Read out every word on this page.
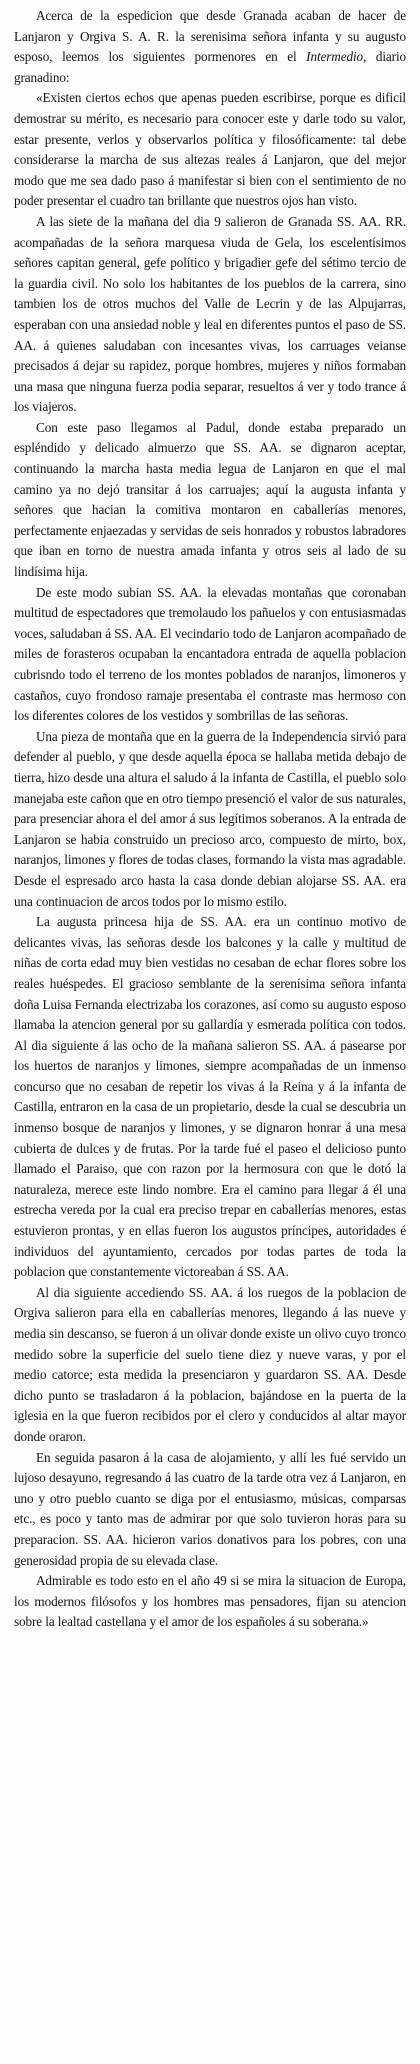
Acerca de la espedicion que desde Granada acaban de hacer de Lanjaron y Orgiva S. A. R. la serenisima señora infanta y su augusto esposo, leemos los siguientes pormenores en el Intermedio, diario granadino:

«Existen ciertos echos que apenas pueden escribirse, porque es dificil demostrar su mérito, es necesario para conocer este y darle todo su valor, estar presente, verlos y observarlos política y filosóficamente: tal debe considerarse la marcha de sus altezas reales á Lanjaron, que del mejor modo que me sea dado paso á manifestar si bien con el sentimiento de no poder presentar el cuadro tan brillante que nuestros ojos han visto.

A las siete de la mañana del dia 9 salieron de Granada SS. AA. RR. acompañadas de la señora marquesa viuda de Gela, los escelentísimos señores capitan general, gefe político y brigadier gefe del sétimo tercio de la guardia civil. No solo los habitantes de los pueblos de la carrera, sino tambien los de otros muchos del Valle de Lecrin y de las Alpujarras, esperaban con una ansiedad noble y leal en diferentes puntos el paso de SS. AA. á quienes saludaban con incesantes vivas, los carruages veianse precisados á dejar su rapidez, porque hombres, mujeres y niños formaban una masa que ninguna fuerza podia separar, resueltos á ver y todo trance á los viajeros.

Con este paso llegamos al Padul, donde estaba preparado un espléndido y delicado almuerzo que SS. AA. se dignaron aceptar, continuando la marcha hasta media legua de Lanjaron en que el mal camino ya no dejó transitar á los carruajes; aquí la augusta infanta y señores que hacian la comitiva montaron en caballerías menores, perfectamente enjaezadas y servidas de seis honrados y robustos labradores que iban en torno de nuestra amada infanta y otros seis al lado de su lindísima hija.

De este modo subian SS. AA. la elevadas montañas que coronaban multitud de espectadores que tremolaudo los pañuelos y con entusiasmadas voces, saludaban á SS. AA. El vecindario todo de Lanjaron acompañado de miles de forasteros ocupaban la encantadora entrada de aquella poblacion cubrisndo todo el terreno de los montes poblados de naranjos, limoneros y castaños, cuyo frondoso ramaje presentaba el contraste mas hermoso con los diferentes colores de los vestidos y sombrillas de las señoras.

Una pieza de montaña que en la guerra de la Independencia sirvió para defender al pueblo, y que desde aquella época se hallaba metida debajo de tierra, hizo desde una altura el saludo á la infanta de Castilla, el pueblo solo manejaba este cañon que en otro tiempo presenció el valor de sus naturales, para presenciar ahora el del amor á sus legítimos soberanos. A la entrada de Lanjaron se habia construido un precioso arco, compuesto de mirto, box, naranjos, limones y flores de todas clases, formando la vista mas agradable. Desde el espresado arco hasta la casa donde debian alojarse SS. AA. era una continuacion de arcos todos por lo mismo estilo.

La augusta princesa hija de SS. AA. era un continuo motivo de delicantes vivas, las señoras desde los balcones y la calle y multitud de niñas de corta edad muy bien vestidas no cesaban de echar flores sobre los reales huéspedes. El gracioso semblante de la serenísima señora infanta doña Luisa Fernanda electrizaba los corazones, así como su augusto esposo llamaba la atencion general por su gallardía y esmerada política con todos. Al dia siguiente á las ocho de la mañana salieron SS. AA. á pasearse por los huertos de naranjos y limones, siempre acompañadas de un inmenso concurso que no cesaban de repetir los vivas á la Reina y á la infanta de Castilla, entraron en la casa de un propietario, desde la cual se descubria un inmenso bosque de naranjos y limones, y se dignaron honrar á una mesa cubierta de dulces y de frutas. Por la tarde fué el paseo el delicioso punto llamado el Paraiso, que con razon por la hermosura con que le dotó la naturaleza, merece este lindo nombre. Era el camino para llegar á él una estrecha vereda por la cual era preciso trepar en caballerías menores, estas estuvieron prontas, y en ellas fueron los augustos príncipes, autoridades é individuos del ayuntamiento, cercados por todas partes de toda la poblacion que constantemente victoreaban á SS. AA.

Al dia siguiente accediendo SS. AA. á los ruegos de la poblacion de Orgiva salieron para ella en caballerías menores, llegando á las nueve y media sin descanso, se fueron á un olivar donde existe un olivo cuyo tronco medido sobre la superficie del suelo tiene diez y nueve varas, y por el medio catorce; esta medida la presenciaron y guardaron SS. AA. Desde dicho punto se trasladaron á la poblacion, bajándose en la puerta de la iglesia en la que fueron recibidos por el clero y conducidos al altar mayor donde oraron.

En seguida pasaron á la casa de alojamiento, y allí les fué servido un lujoso desayuno, regresando á las cuatro de la tarde otra vez á Lanjaron, en uno y otro pueblo cuanto se diga por el entusiasmo, músicas, comparsas etc., es poco y tanto mas de admirar por que solo tuvieron horas para su preparacion. SS. AA. hicieron varios donativos para los pobres, con una generosidad propia de su elevada clase.

Admirable es todo esto en el año 49 si se mira la situacion de Europa, los modernos filósofos y los hombres mas pensadores, fijan su atencion sobre la lealtad castellana y el amor de los españoles á su soberana.»
